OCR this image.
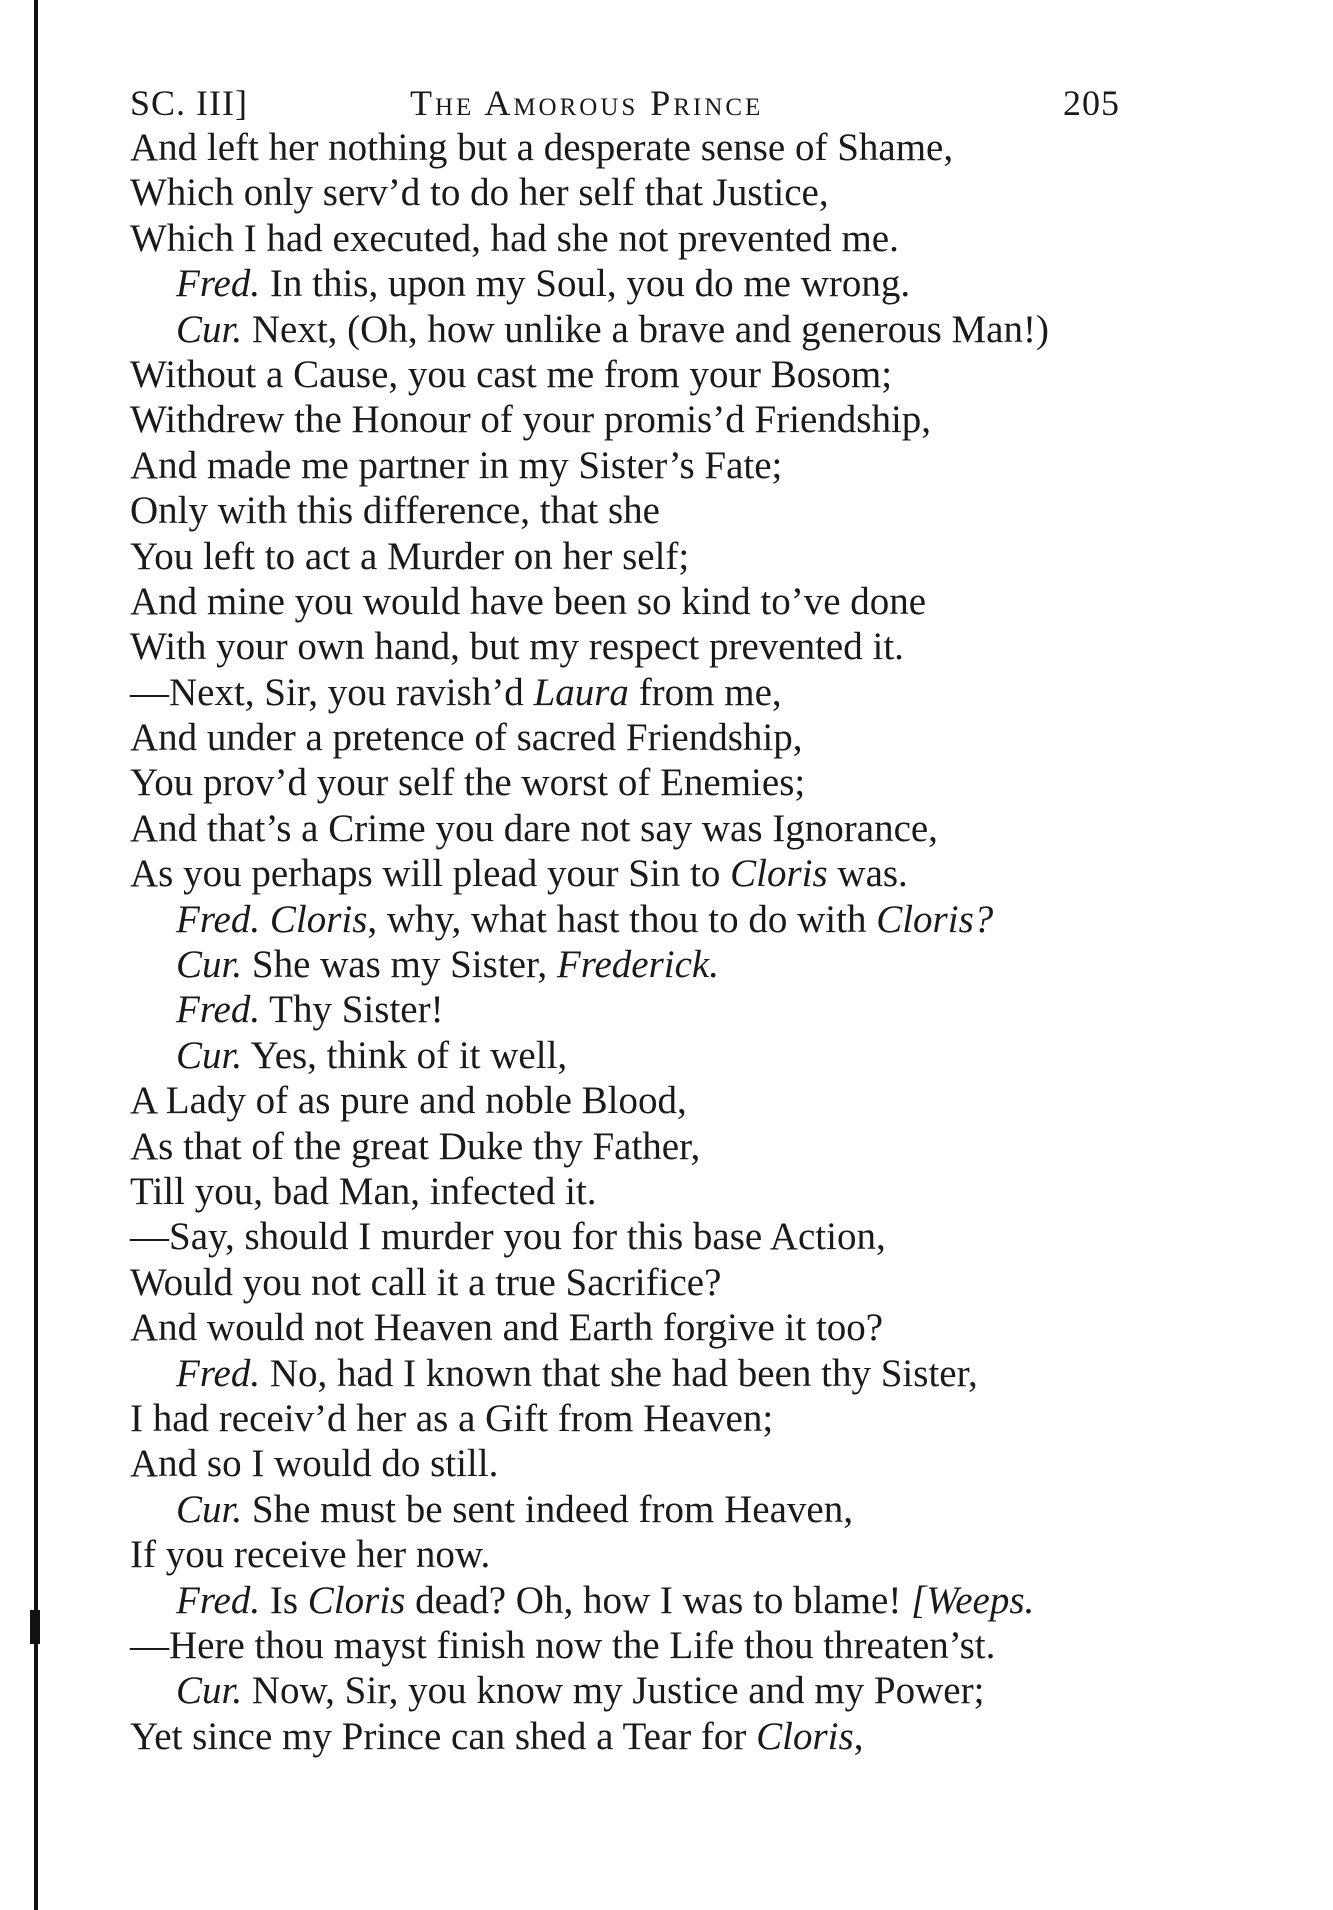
SC. III]	The Amorous Prince	205
And left her nothing but a desperate sense of Shame,
Which only serv’d to do her self that Justice,
Which I had executed, had she not prevented me.
Fred. In this, upon my Soul, you do me wrong.
Cur. Next, (Oh, how unlike a brave and generous Man!)
Without a Cause, you cast me from your Bosom;
Withdrew the Honour of your promis’d Friendship,
And made me partner in my Sister’s Fate;
Only with this difference, that she
You left to act a Murder on her self;
And mine you would have been so kind to’ve done
With your own hand, but my respect prevented it.
—Next, Sir, you ravish’d Laura from me,
And under a pretence of sacred Friendship,
You prov’d your self the worst of Enemies;
And that’s a Crime you dare not say was Ignorance,
As you perhaps will plead your Sin to Cloris was.
Fred. Cloris, why, what hast thou to do with Cloris?
Cur. She was my Sister, Frederick.
Fred. Thy Sister!
Cur. Yes, think of it well,
A Lady of as pure and noble Blood,
As that of the great Duke thy Father,
Till you, bad Man, infected it.
—Say, should I murder you for this base Action,
Would you not call it a true Sacrifice?
And would not Heaven and Earth forgive it too?
Fred. No, had I known that she had been thy Sister,
I had receiv’d her as a Gift from Heaven;
And so I would do still.
Cur. She must be sent indeed from Heaven,
If you receive her now.
Fred. Is Cloris dead? Oh, how I was to blame! [Weeps.
—Here thou mayst finish now the Life thou threaten’st.
Cur. Now, Sir, you know my Justice and my Power;
Yet since my Prince can shed a Tear for Cloris,
